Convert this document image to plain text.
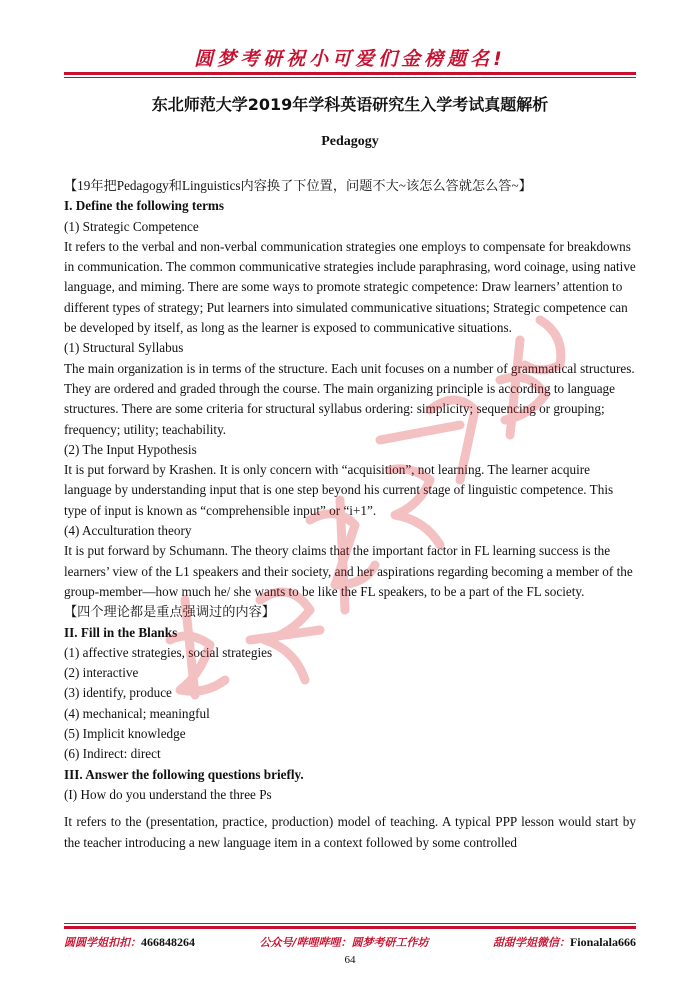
圆梦考研祝小可爱们金榜题名!
东北师范大学2019年学科英语研究生入学考试真题解析
Pedagogy

【19年把Pedagogy和Linguistics内容换了下位置，问题不大~该怎么答就怎么答~】

I. Define the following terms

(1) Strategic Competence

It refers to the verbal and non-verbal communication strategies one employs to compensate for breakdowns in communication. The common communicative strategies include paraphrasing, word coinage, using native language, and miming. There are some ways to promote strategic competence: Draw learners’ attention to different types of strategy; Put learners into simulated communicative situations; Strategic competence can be developed by itself, as long as the learner is exposed to communicative situations.

(1) Structural Syllabus

The main organization is in terms of the structure. Each unit focuses on a number of grammatical structures. They are ordered and graded through the course. The main organizing principle is according to language structures. There are some criteria for structural syllabus ordering: simplicity; sequencing or grouping; frequency; utility; teachability.

(2) The Input Hypothesis

It is put forward by Krashen. It is only concern with “acquisition”, not learning. The learner acquire language by understanding input that is one step beyond his current stage of linguistic competence. This type of input is known as “comprehensible input” or “i+1”.

(4) Acculturation theory

It is put forward by Schumann. The theory claims that the important factor in FL learning success is the learners’ view of the L1 speakers and their society, and her aspirations regarding becoming a member of the group-member—how much he/ she wants to be like the FL speakers, to be a part of the FL society.

【四个理论都是重点强调过的内容】

II. Fill in the Blanks

(1) affective strategies, social strategies

(2) interactive

(3) identify, produce

(4) mechanical; meaningful

(5) Implicit knowledge

(6) Indirect: direct

III. Answer the following questions briefly.

(I) How do you understand the three Ps

It refers to the (presentation, practice, production) model of teaching. A typical PPP lesson would start by the teacher introducing a new language item in a context followed by some controlled

圆圆学姐扣扣：466848264	公众号/哔哩哔哩：圆梦考研工作坊	甜甜学姐微信：Fionalala666
64
